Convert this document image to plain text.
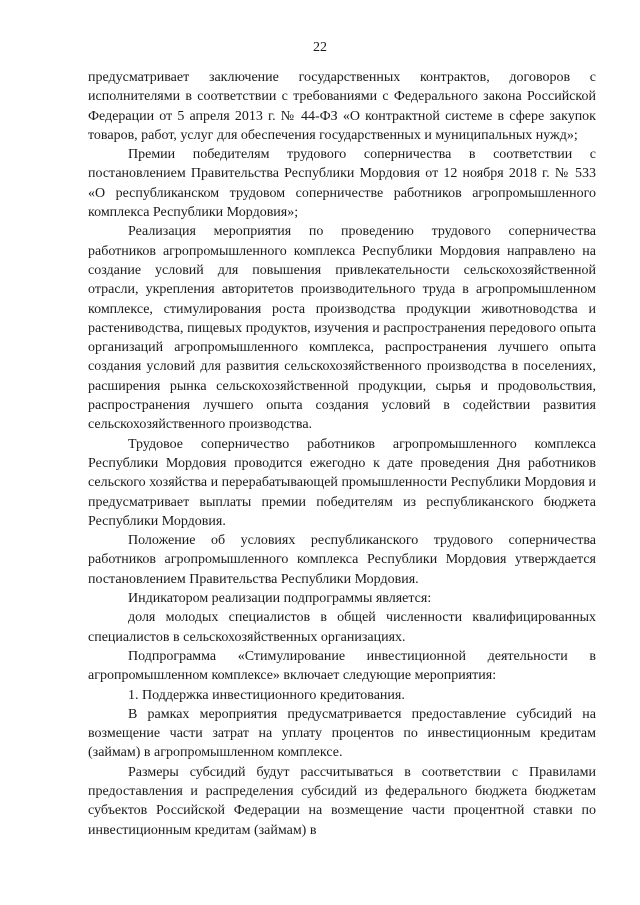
22

предусматривает заключение государственных контрактов, договоров с исполнителями в соответствии с требованиями с Федерального закона Российской Федерации от 5 апреля 2013 г. № 44-ФЗ «О контрактной системе в сфере закупок товаров, работ, услуг для обеспечения государственных и муниципальных нужд»;

Премии победителям трудового соперничества в соответствии с постановлением Правительства Республики Мордовия от 12 ноября 2018 г. № 533 «О республиканском трудовом соперничестве работников агропромышленного комплекса Республики Мордовия»;

Реализация мероприятия по проведению трудового соперничества работников агропромышленного комплекса Республики Мордовия направлено на создание условий для повышения привлекательности сельскохозяйственной отрасли, укрепления авторитетов производительного труда в агропромышленном комплексе, стимулирования роста производства продукции животноводства и растениводства, пищевых продуктов, изучения и распространения передового опыта организаций агропромышленного комплекса, распространения лучшего опыта создания условий для развития сельскохозяйственного производства в поселениях, расширения рынка сельскохозяйственной продукции, сырья и продовольствия, распространения лучшего опыта создания условий в содействии развития сельскохозяйственного производства.

Трудовое соперничество работников агропромышленного комплекса Республики Мордовия проводится ежегодно к дате проведения Дня работников сельского хозяйства и перерабатывающей промышленности Республики Мордовия и предусматривает выплаты премии победителям из республиканского бюджета Республики Мордовия.

Положение об условиях республиканского трудового соперничества работников агропромышленного комплекса Республики Мордовия утверждается постановлением Правительства Республики Мордовия.

Индикатором реализации подпрограммы является:

доля молодых специалистов в общей численности квалифицированных специалистов в сельскохозяйственных организациях.

Подпрограмма «Стимулирование инвестиционной деятельности в агропромышленном комплексе» включает следующие мероприятия:

1. Поддержка инвестиционного кредитования.

В рамках мероприятия предусматривается предоставление субсидий на возмещение части затрат на уплату процентов по инвестиционным кредитам (займам) в агропромышленном комплексе.

Размеры субсидий будут рассчитываться в соответствии с Правилами предоставления и распределения субсидий из федерального бюджета бюджетам субъектов Российской Федерации на возмещение части процентной ставки по инвестиционным кредитам (займам) в
